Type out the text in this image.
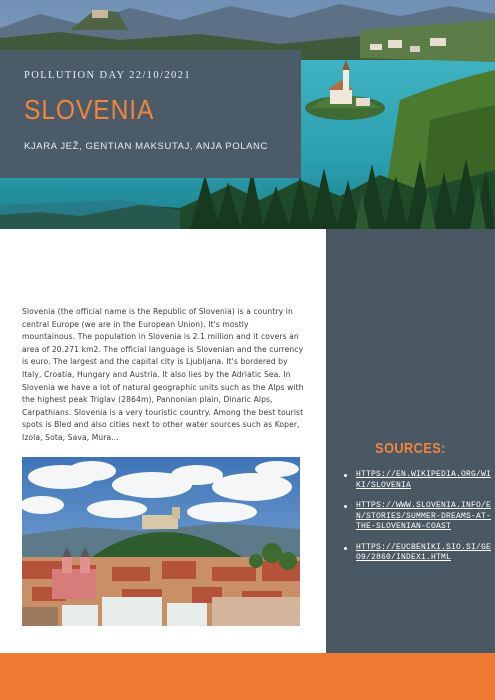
POLLUTION DAY 22/10/2021
SLOVENIA
KJARA JEŽ, GENTIAN MAKSUTAJ, ANJA POLANC

Slovenia (the official name is the Republic of Slovenia) is a country in central Europe (we are in the European Union). It's mostly mountainous. The population in Slovenia is 2.1 million and it covers an area of 20.271 km2. The official language is Slovenian and the currency is euro. The largest and the capital city is Ljubljana. It's bordered by Italy, Croatia, Hungary and Austria. It also lies by the Adriatic Sea. In Slovenia we have a lot of natural geographic units such as the Alps with the highest peak Triglav (2864m), Pannonian plain, Dinaric Alps, Carpathians. Slovenia is a very touristic country. Among the best tourist spots is Bled and also cities next to other water sources such as Koper, Izola, Sota, Sava, Mura...

SOURCES:
HTTPS://EN.WIKIPEDIA.ORG/WIKI/SLOVENIA
HTTPS://WWW.SLOVENIA.INFO/EN/STORIES/SUMMER-DREAMS-AT-THE-SLOVENIAN-COAST
HTTPS://EUCBENIKI.SIO.SI/GEO9/2860/INDEX1.HTML
